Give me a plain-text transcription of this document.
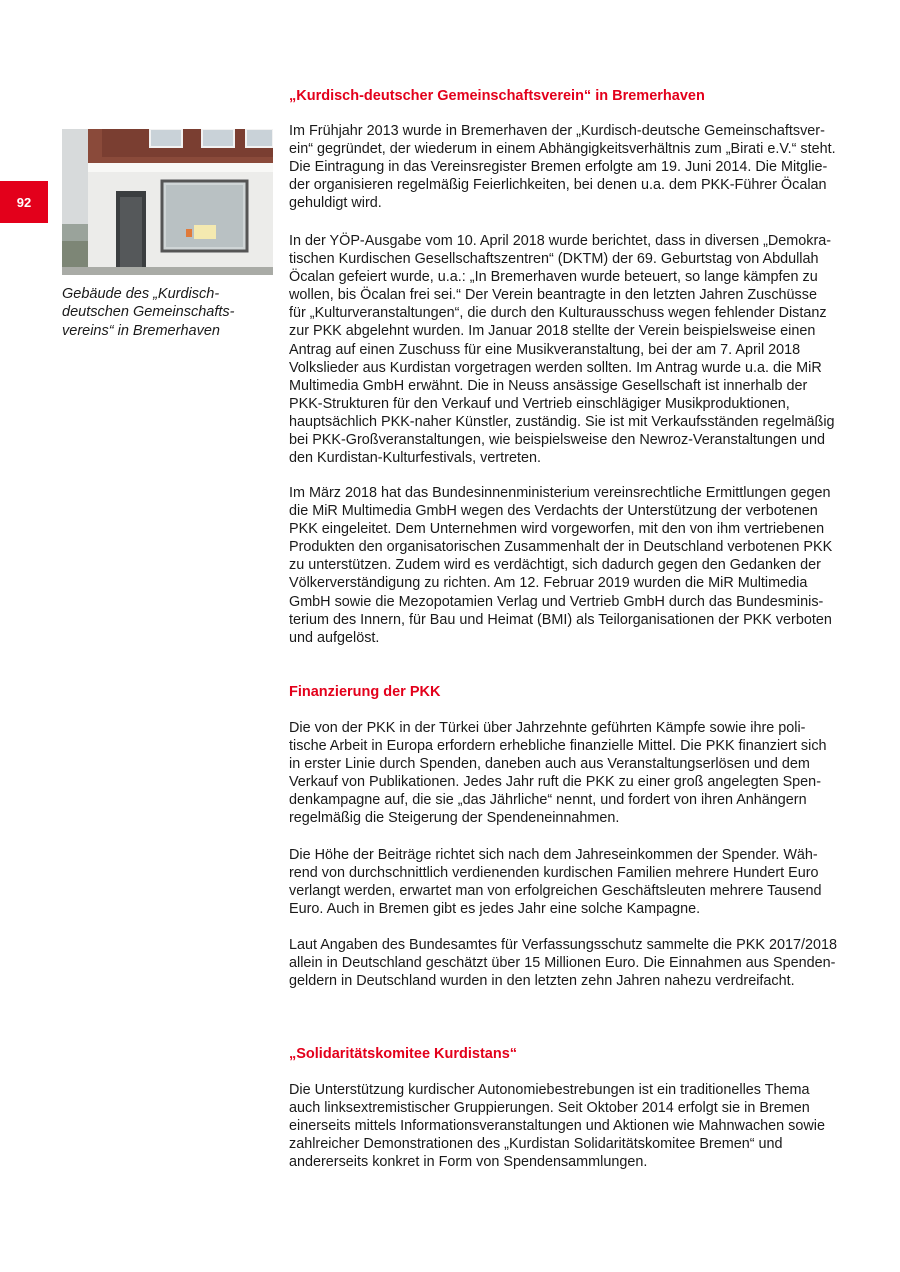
92
Gebäude des „Kurdisch-deutschen Gemeinschafts-vereins“ in Bremerhaven
„Kurdisch-deutscher Gemeinschaftsverein“ in Bremerhaven

Im Frühjahr 2013 wurde in Bremerhaven der „Kurdisch-deutsche Gemeinschaftsver-ein“ gegründet, der wiederum in einem Abhängigkeitsverhältnis zum „Birati e.V.“ steht. Die Eintragung in das Vereinsregister Bremen erfolgte am 19. Juni 2014. Die Mitglie-der organisieren regelmäßig Feierlichkeiten, bei denen u.a. dem PKK-Führer Öcalan gehuldigt wird.

In der YÖP-Ausgabe vom 10. April 2018 wurde berichtet, dass in diversen „Demokra-tischen Kurdischen Gesellschaftszentren“ (DKTM) der 69. Geburtstag von Abdullah Öcalan gefeiert wurde, u.a.: „In Bremerhaven wurde beteuert, so lange kämpfen zu wollen, bis Öcalan frei sei.“ Der Verein beantragte in den letzten Jahren Zuschüsse für „Kulturveranstaltungen“, die durch den Kulturausschuss wegen fehlender Distanz zur PKK abgelehnt wurden. Im Januar 2018 stellte der Verein beispielsweise einen Antrag auf einen Zuschuss für eine Musikveranstaltung, bei der am 7. April 2018 Volkslieder aus Kurdistan vorgetragen werden sollten. Im Antrag wurde u.a. die MiR Multimedia GmbH erwähnt. Die in Neuss ansässige Gesellschaft ist innerhalb der PKK-Strukturen für den Verkauf und Vertrieb einschlägiger Musikproduktionen, hauptsächlich PKK-naher Künstler, zuständig. Sie ist mit Verkaufsständen regelmäßig bei PKK-Großveranstaltungen, wie beispielsweise den Newroz-Veranstaltungen und den Kurdistan-Kulturfestivals, vertreten.

Im März 2018 hat das Bundesinnenministerium vereinsrechtliche Ermittlungen gegen die MiR Multimedia GmbH wegen des Verdachts der Unterstützung der verbotenen PKK eingeleitet. Dem Unternehmen wird vorgeworfen, mit den von ihm vertriebenen Produkten den organisatorischen Zusammenhalt der in Deutschland verbotenen PKK zu unterstützen. Zudem wird es verdächtigt, sich dadurch gegen den Gedanken der Völkerverständigung zu richten. Am 12. Februar 2019 wurden die MiR Multimedia GmbH sowie die Mezopotamien Verlag und Vertrieb GmbH durch das Bundesminis-terium des Innern, für Bau und Heimat (BMI) als Teilorganisationen der PKK verboten und aufgelöst.

Finanzierung der PKK

Die von der PKK in der Türkei über Jahrzehnte geführten Kämpfe sowie ihre poli-tische Arbeit in Europa erfordern erhebliche finanzielle Mittel. Die PKK finanziert sich in erster Linie durch Spenden, daneben auch aus Veranstaltungserlösen und dem Verkauf von Publikationen. Jedes Jahr ruft die PKK zu einer groß angelegten Spen-denkampagne auf, die sie „das Jährliche“ nennt, und fordert von ihren Anhängern regelmäßig die Steigerung der Spendeneinnahmen.

Die Höhe der Beiträge richtet sich nach dem Jahreseinkommen der Spender. Wäh-rend von durchschnittlich verdienenden kurdischen Familien mehrere Hundert Euro verlangt werden, erwartet man von erfolgreichen Geschäftsleuten mehrere Tausend Euro. Auch in Bremen gibt es jedes Jahr eine solche Kampagne.

Laut Angaben des Bundesamtes für Verfassungsschutz sammelte die PKK 2017/2018 allein in Deutschland geschätzt über 15 Millionen Euro. Die Einnahmen aus Spenden-geldern in Deutschland wurden in den letzten zehn Jahren nahezu verdreifacht.

„Solidaritätskomitee Kurdistans“

Die Unterstützung kurdischer Autonomiebestrebungen ist ein traditionelles Thema auch linksextremistischer Gruppierungen. Seit Oktober 2014 erfolgt sie in Bremen einerseits mittels Informationsveranstaltungen und Aktionen wie Mahnwachen sowie zahlreicher Demonstrationen des „Kurdistan Solidaritätskomitee Bremen“ und andererseits konkret in Form von Spendensammlungen.
